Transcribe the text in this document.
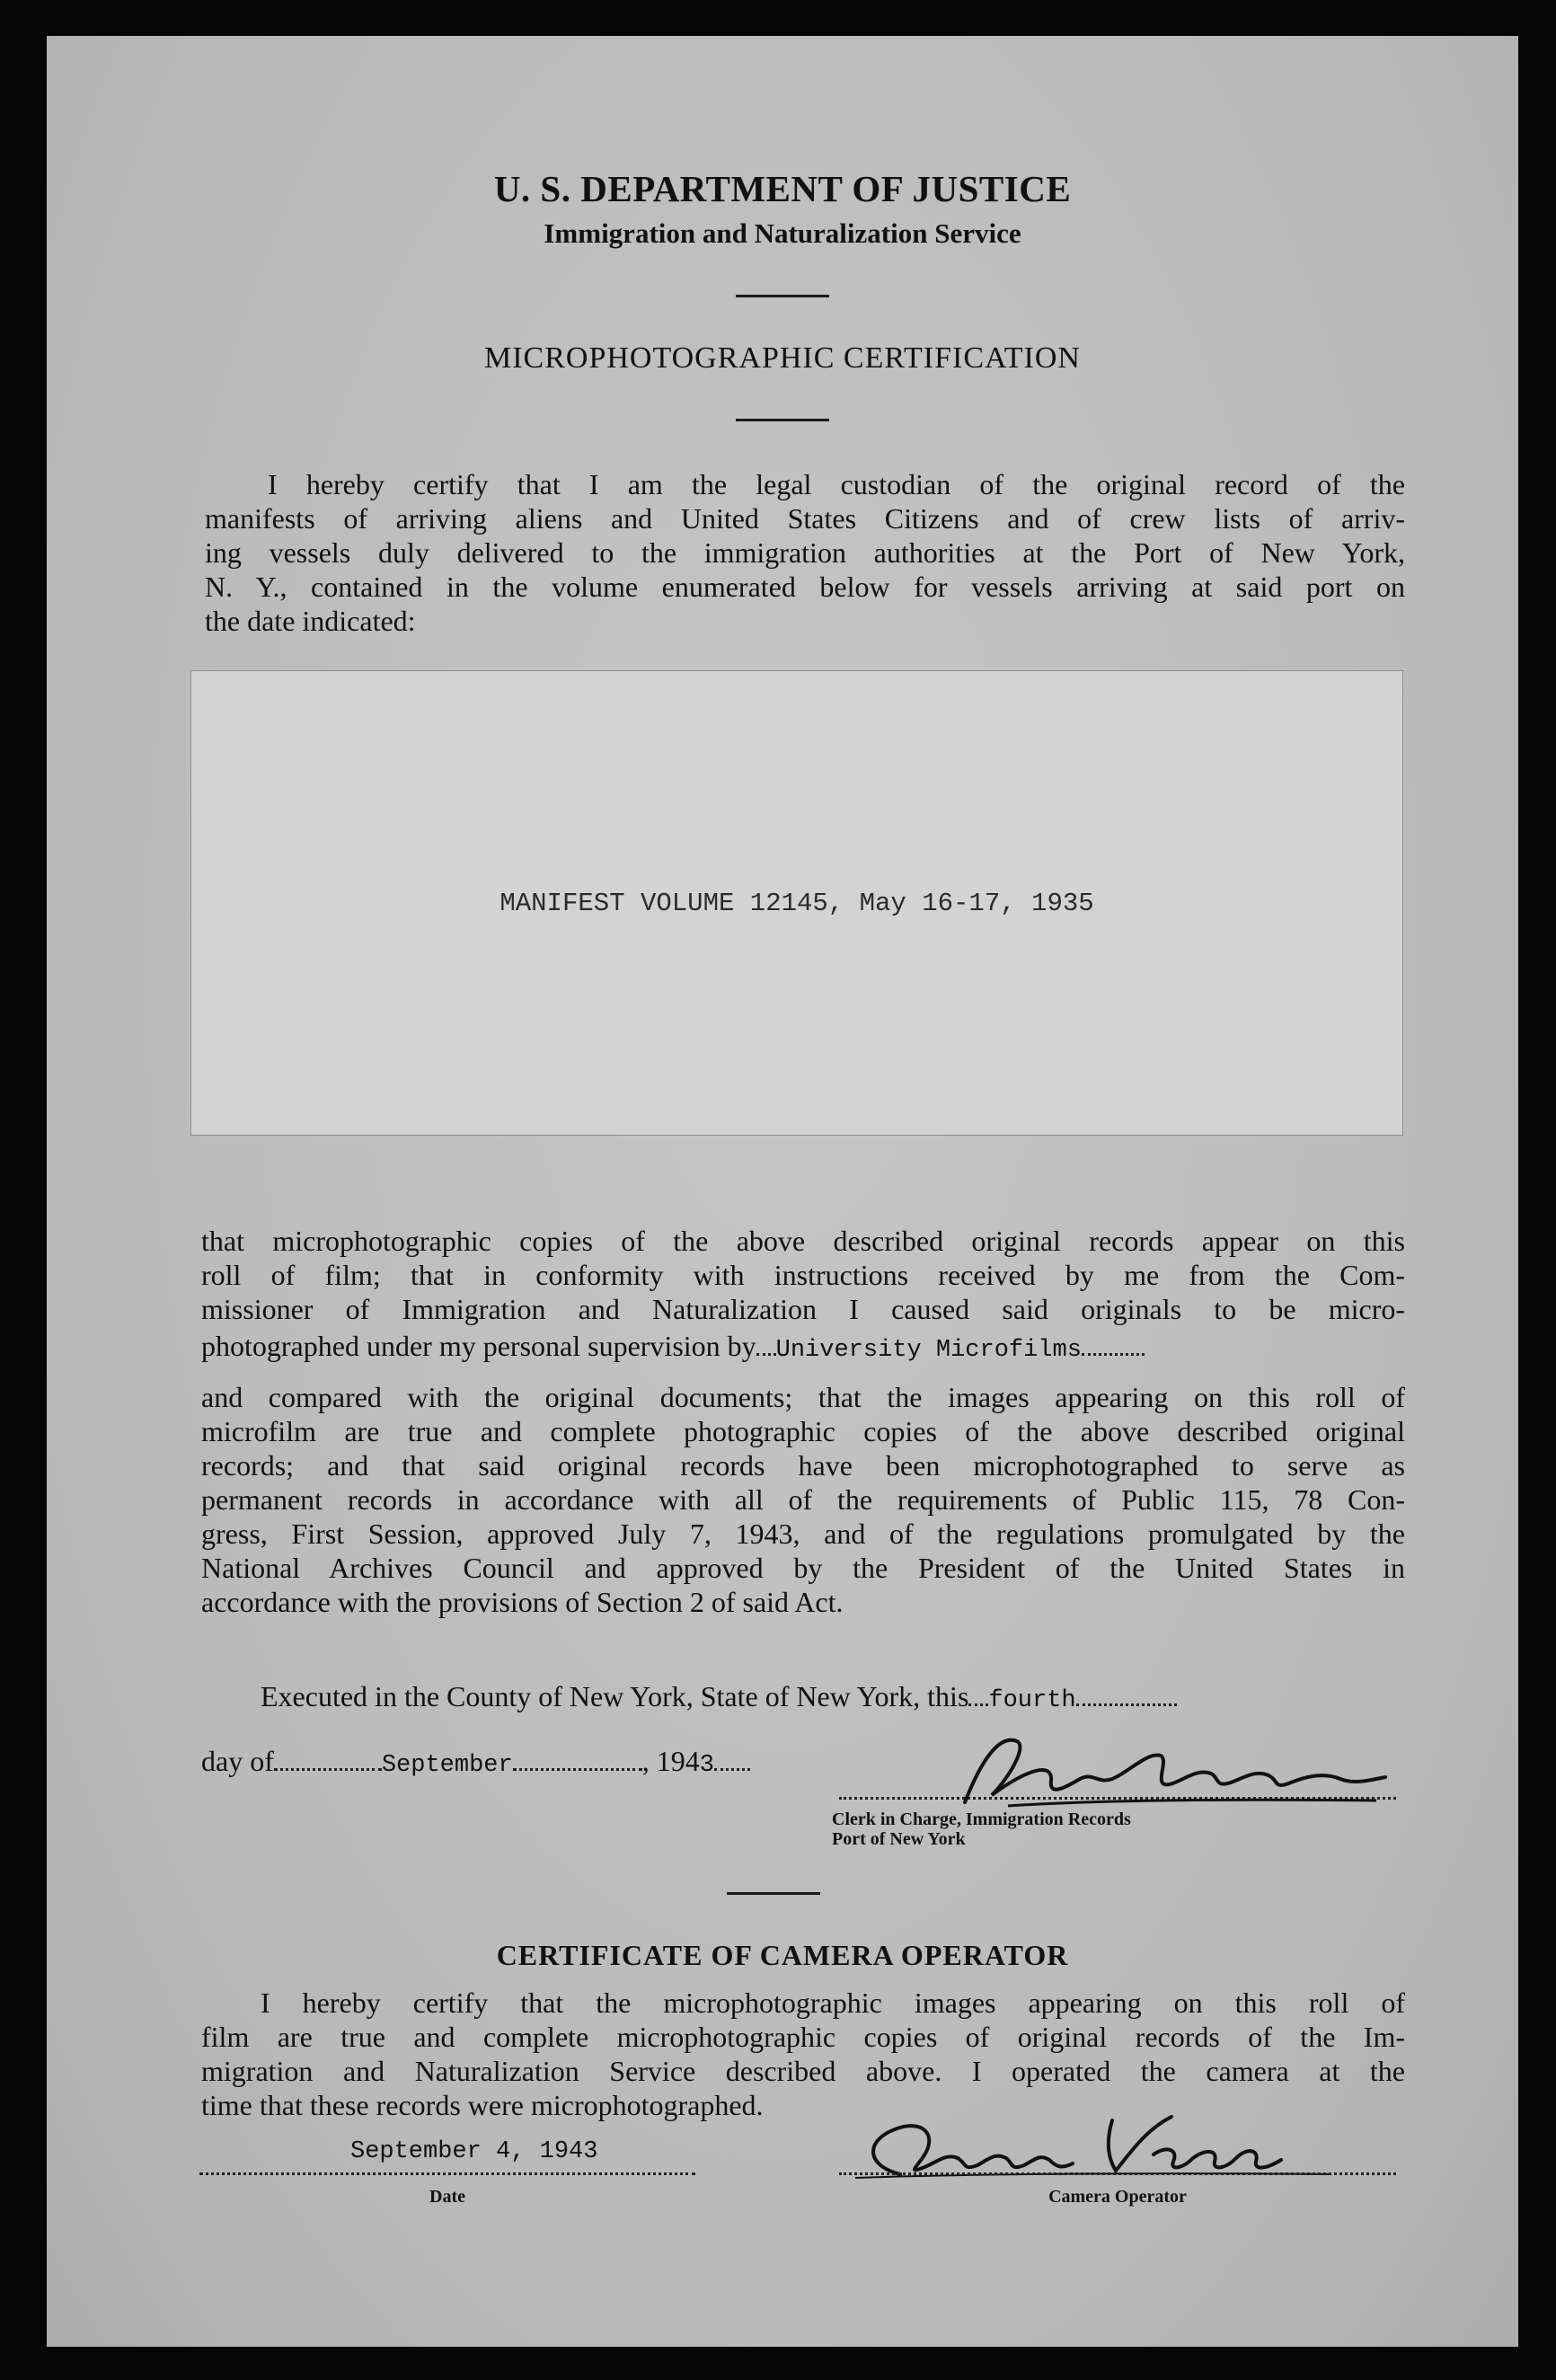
U. S. DEPARTMENT OF JUSTICE
Immigration and Naturalization Service
MICROPHOTOGRAPHIC CERTIFICATION
I hereby certify that I am the legal custodian of the original record of the
manifests of arriving aliens and United States Citizens and of crew lists of arriv-
ing vessels duly delivered to the immigration authorities at the Port of New York,
N. Y., contained in the volume enumerated below for vessels arriving at said port on
the date indicated:
MANIFEST VOLUME 12145, May 16-17, 1935
that microphotographic copies of the above described original records appear on this
roll of film; that in conformity with instructions received by me from the Com-
missioner of Immigration and Naturalization I caused said originals to be micro-
photographed under my personal supervision by University Microfilms
and compared with the original documents; that the images appearing on this roll of
microfilm are true and complete photographic copies of the above described original
records; and that said original records have been microphotographed to serve as
permanent records in accordance with all of the requirements of Public 115, 78 Con-
gress, First Session, approved July 7, 1943, and of the regulations promulgated by the
National Archives Council and approved by the President of the United States in
accordance with the provisions of Section 2 of said Act.
Executed in the County of New York, State of New York, this fourth
day of	September	, 1943
Clerk in Charge, Immigration Records
Port of New York
CERTIFICATE OF CAMERA OPERATOR
I hereby certify that the microphotographic images appearing on this roll of
film are true and complete microphotographic copies of original records of the Im-
migration and Naturalization Service described above. I operated the camera at the
time that these records were microphotographed.
September 4, 1943
Date	Camera Operator
